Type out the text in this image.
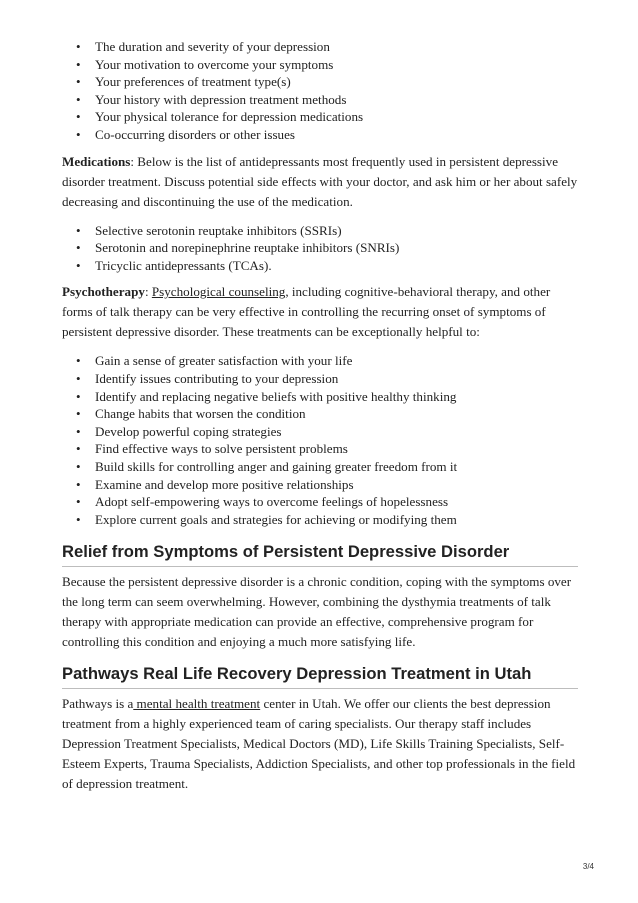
• The duration and severity of your depression
• Your motivation to overcome your symptoms
• Your preferences of treatment type(s)
• Your history with depression treatment methods
• Your physical tolerance for depression medications
• Co-occurring disorders or other issues

Medications: Below is the list of antidepressants most frequently used in persistent depressive disorder treatment. Discuss potential side effects with your doctor, and ask him or her about safely decreasing and discontinuing the use of the medication.

• Selective serotonin reuptake inhibitors (SSRIs)
• Serotonin and norepinephrine reuptake inhibitors (SNRIs)
• Tricyclic antidepressants (TCAs).

Psychotherapy: Psychological counseling, including cognitive-behavioral therapy, and other forms of talk therapy can be very effective in controlling the recurring onset of symptoms of persistent depressive disorder. These treatments can be exceptionally helpful to:

• Gain a sense of greater satisfaction with your life
• Identify issues contributing to your depression
• Identify and replacing negative beliefs with positive healthy thinking
• Change habits that worsen the condition
• Develop powerful coping strategies
• Find effective ways to solve persistent problems
• Build skills for controlling anger and gaining greater freedom from it
• Examine and develop more positive relationships
• Adopt self-empowering ways to overcome feelings of hopelessness
• Explore current goals and strategies for achieving or modifying them
Relief from Symptoms of Persistent Depressive Disorder

Because the persistent depressive disorder is a chronic condition, coping with the symptoms over the long term can seem overwhelming. However, combining the dysthymia treatments of talk therapy with appropriate medication can provide an effective, comprehensive program for controlling this condition and enjoying a much more satisfying life.

Pathways Real Life Recovery Depression Treatment in Utah

Pathways is a mental health treatment center in Utah. We offer our clients the best depression treatment from a highly experienced team of caring specialists. Our therapy staff includes Depression Treatment Specialists, Medical Doctors (MD), Life Skills Training Specialists, Self-Esteem Experts, Trauma Specialists, Addiction Specialists, and other top professionals in the field of depression treatment.

3/4
